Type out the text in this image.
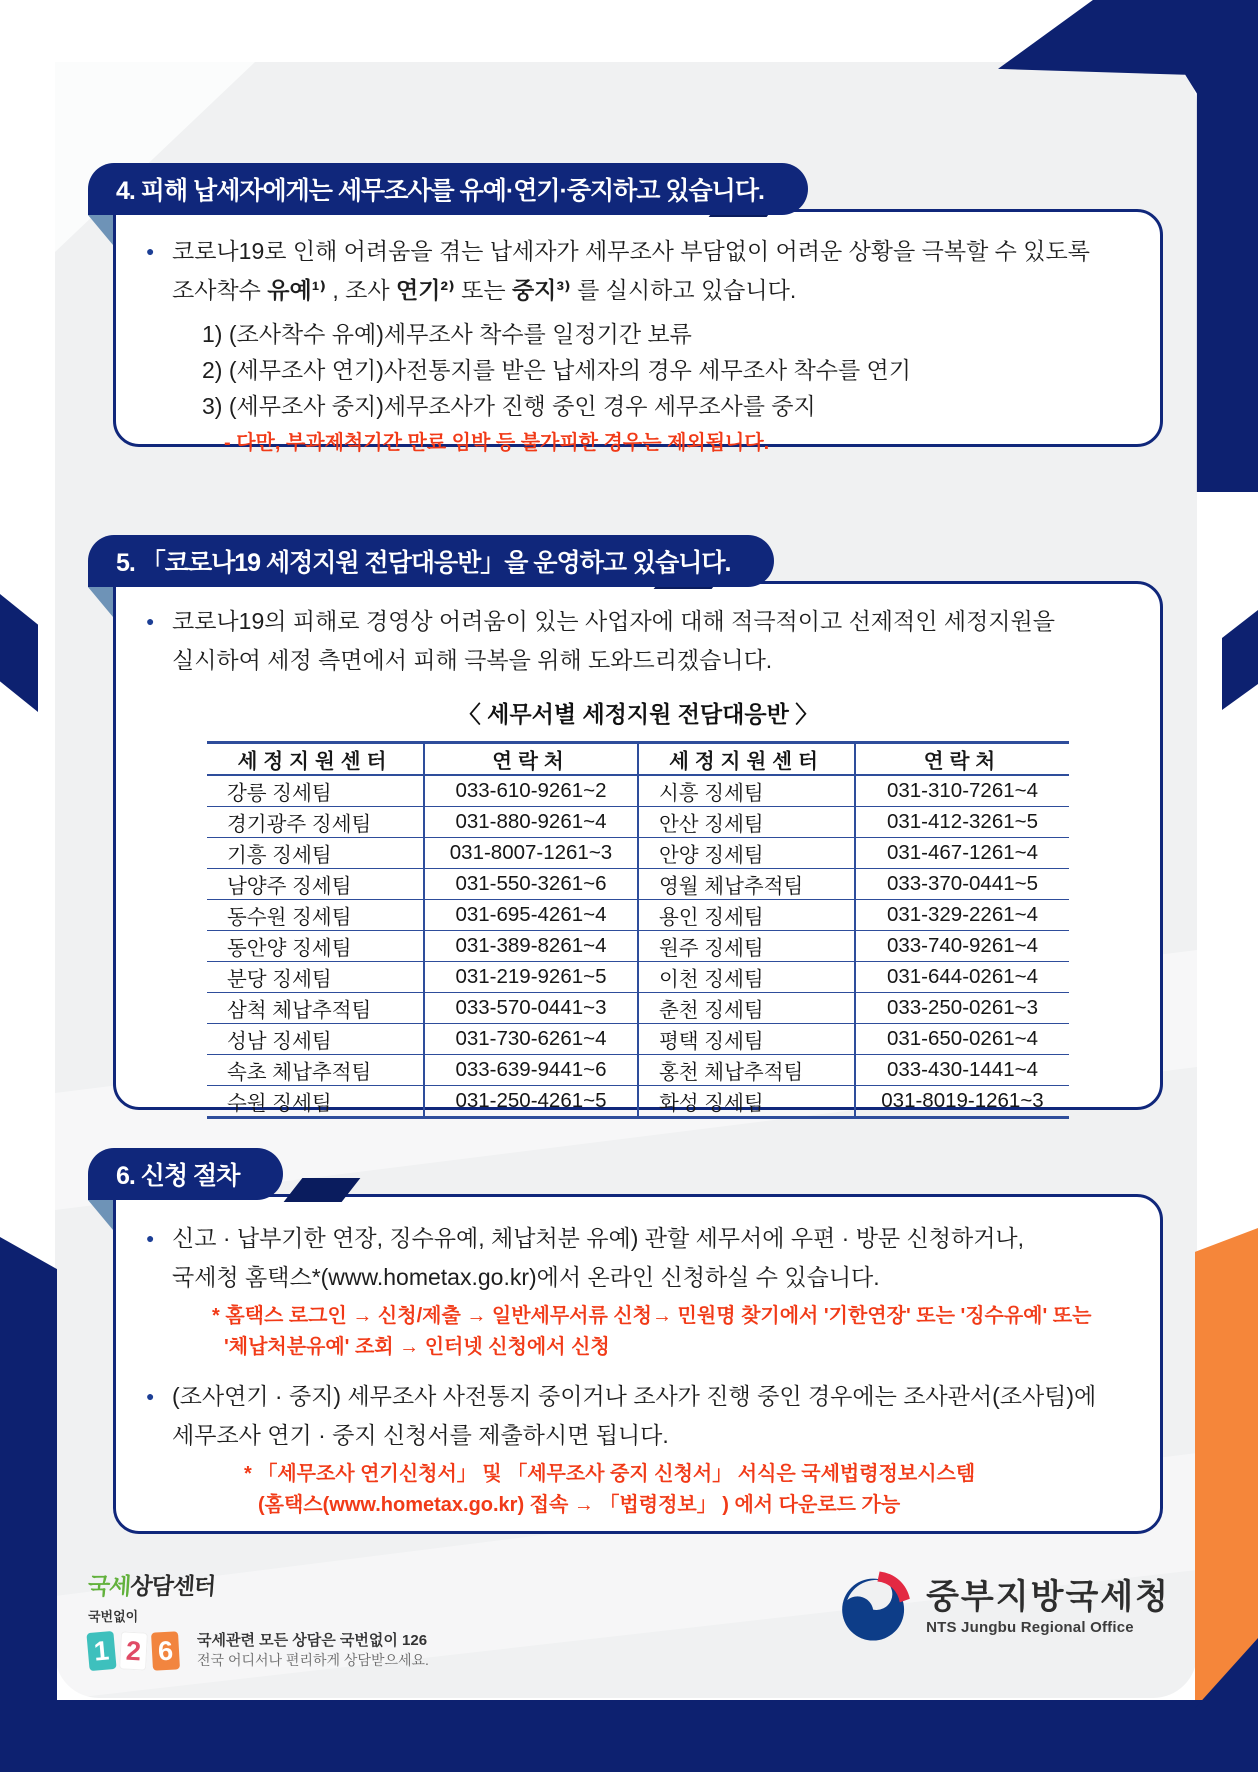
4. 피해 납세자에게는 세무조사를 유예·연기·중지하고 있습니다.
● 코로나19로 인해 어려움을 겪는 납세자가 세무조사 부담없이 어려운 상황을 극복할 수 있도록
조사착수 유예¹⁾ , 조사 연기²⁾ 또는 중지³⁾ 를 실시하고 있습니다.
1) (조사착수 유예)세무조사 착수를 일정기간 보류
2) (세무조사 연기)사전통지를 받은 납세자의 경우 세무조사 착수를 연기
3) (세무조사 중지)세무조사가 진행 중인 경우 세무조사를 중지
- 다만, 부과제척기간 만료 임박 등 불가피한 경우는 제외됩니다.
5. 「코로나19 세정지원 전담대응반」을 운영하고 있습니다.
● 코로나19의 피해로 경영상 어려움이 있는 사업자에 대해 적극적이고 선제적인 세정지원을
실시하여 세정 측면에서 피해 극복을 위해 도와드리겠습니다.
〈 세무서별 세정지원 전담대응반 〉
세정지원센터	연락처	세정지원센터	연락처
강릉 징세팀	033-610-9261~2	시흥 징세팀	031-310-7261~4
경기광주 징세팀	031-880-9261~4	안산 징세팀	031-412-3261~5
기흥 징세팀	031-8007-1261~3	안양 징세팀	031-467-1261~4
남양주 징세팀	031-550-3261~6	영월 체납추적팀	033-370-0441~5
동수원 징세팀	031-695-4261~4	용인 징세팀	031-329-2261~4
동안양 징세팀	031-389-8261~4	원주 징세팀	033-740-9261~4
분당 징세팀	031-219-9261~5	이천 징세팀	031-644-0261~4
삼척 체납추적팀	033-570-0441~3	춘천 징세팀	033-250-0261~3
성남 징세팀	031-730-6261~4	평택 징세팀	031-650-0261~4
속초 체납추적팀	033-639-9441~6	홍천 체납추적팀	033-430-1441~4
수원 징세팀	031-250-4261~5	화성 징세팀	031-8019-1261~3
6. 신청 절차
● 신고 · 납부기한 연장, 징수유예, 체납처분 유예) 관할 세무서에 우편 · 방문 신청하거나,
국세청 홈택스*(www.hometax.go.kr)에서 온라인 신청하실 수 있습니다.
* 홈택스 로그인 → 신청/제출 → 일반세무서류 신청→ 민원명 찾기에서 '기한연장' 또는 '징수유예' 또는
'체납처분유예' 조회 → 인터넷 신청에서 신청
● (조사연기 · 중지) 세무조사 사전통지 중이거나 조사가 진행 중인 경우에는 조사관서(조사팀)에
세무조사 연기 · 중지 신청서를 제출하시면 됩니다.
* 「세무조사 연기신청서」 및 「세무조사 중지 신청서」 서식은 국세법령정보시스템
(홈택스(www.hometax.go.kr) 접속 → 「법령정보」 ) 에서 다운로드 가능
국세상담센터
국번없이
1 2 6	국세관련 모든 상담은 국번없이 126
전국 어디서나 편리하게 상담받으세요.
중부지방국세청
NTS Jungbu Regional Office
